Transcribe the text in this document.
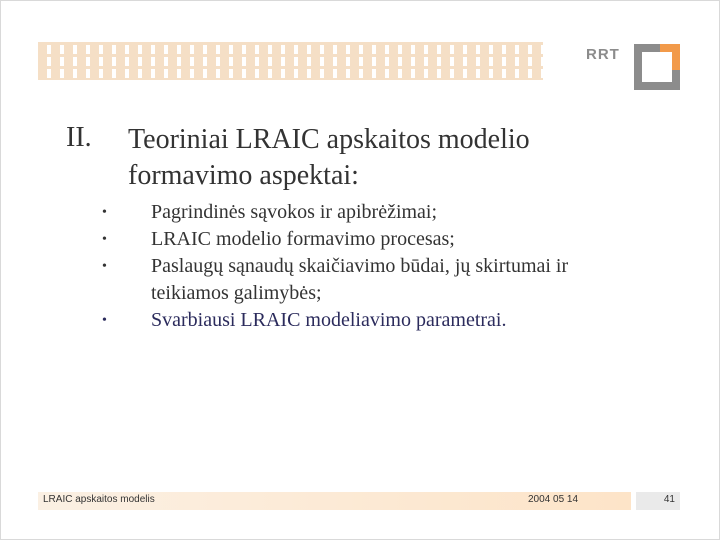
RRT
II. Teoriniai LRAIC apskaitos modelio formavimo aspektai:
• Pagrindinės sąvokos ir apibrėžimai;
• LRAIC modelio formavimo procesas;
• Paslaugų sąnaudų skaičiavimo būdai, jų skirtumai ir teikiamos galimybės;
• Svarbiausi LRAIC modeliavimo parametrai.
LRAIC apskaitos modelis	2004 05 14	41
